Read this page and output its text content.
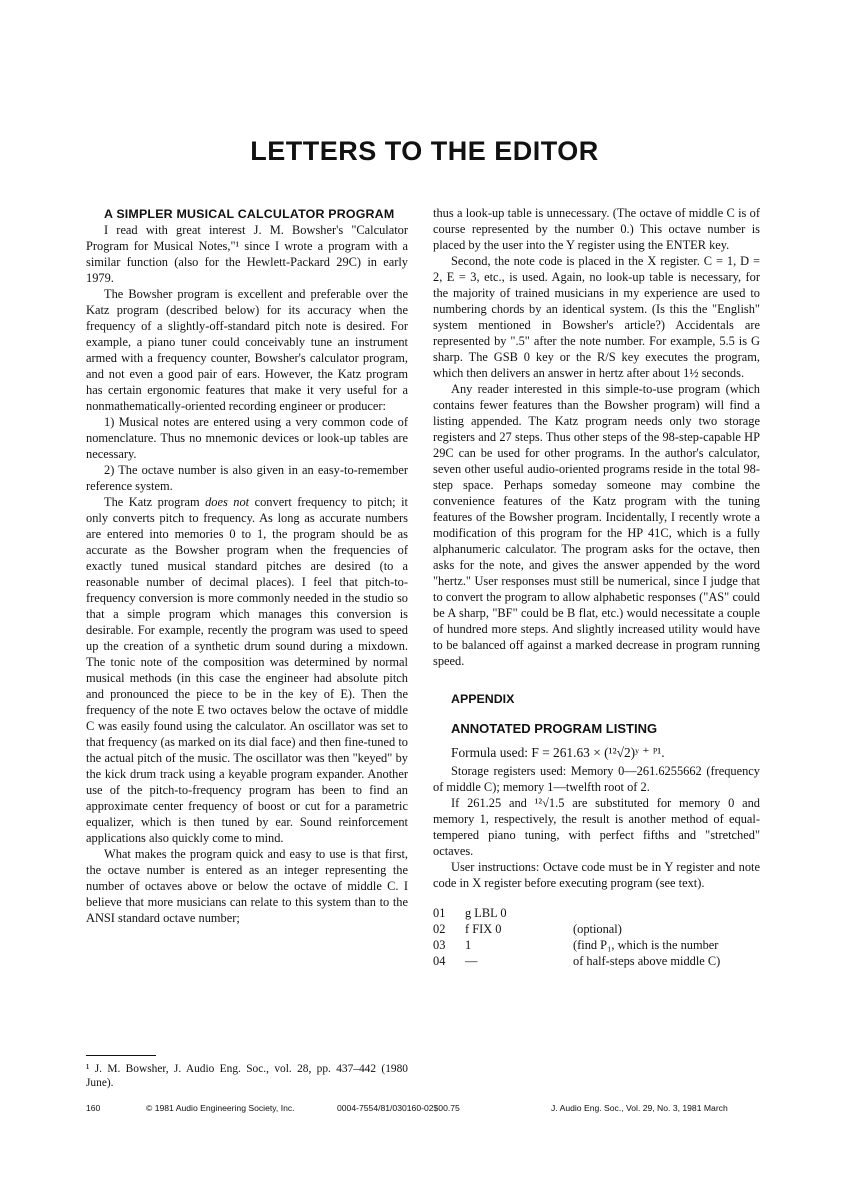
LETTERS TO THE EDITOR

A SIMPLER MUSICAL CALCULATOR PROGRAM

I read with great interest J. M. Bowsher's "Calculator Program for Musical Notes,"¹ since I wrote a program with a similar function (also for the Hewlett-Packard 29C) in early 1979.

The Bowsher program is excellent and preferable over the Katz program (described below) for its accuracy when the frequency of a slightly-off-standard pitch note is desired. For example, a piano tuner could conceivably tune an instrument armed with a frequency counter, Bowsher's calculator program, and not even a good pair of ears. However, the Katz program has certain ergonomic features that make it very useful for a nonmathematically-oriented recording engineer or producer:

1) Musical notes are entered using a very common code of nomenclature. Thus no mnemonic devices or look-up tables are necessary.

2) The octave number is also given in an easy-to-remember reference system.

The Katz program does not convert frequency to pitch; it only converts pitch to frequency. As long as accurate numbers are entered into memories 0 to 1, the program should be as accurate as the Bowsher program when the frequencies of exactly tuned musical standard pitches are desired (to a reasonable number of decimal places). I feel that pitch-to-frequency conversion is more commonly needed in the studio so that a simple program which manages this conversion is desirable. For example, recently the program was used to speed up the creation of a synthetic drum sound during a mixdown. The tonic note of the composition was determined by normal musical methods (in this case the engineer had absolute pitch and pronounced the piece to be in the key of E). Then the frequency of the note E two octaves below the octave of middle C was easily found using the calculator. An oscillator was set to that frequency (as marked on its dial face) and then fine-tuned to the actual pitch of the music. The oscillator was then "keyed" by the kick drum track using a keyable program expander. Another use of the pitch-to-frequency program has been to find an approximate center frequency of boost or cut for a parametric equalizer, which is then tuned by ear. Sound reinforcement applications also quickly come to mind.

What makes the program quick and easy to use is that first, the octave number is entered as an integer representing the number of octaves above or below the octave of middle C. I believe that more musicians can relate to this system than to the ANSI standard octave number;

thus a look-up table is unnecessary. (The octave of middle C is of course represented by the number 0.) This octave number is placed by the user into the Y register using the ENTER key.

Second, the note code is placed in the X register. C = 1, D = 2, E = 3, etc., is used. Again, no look-up table is necessary, for the majority of trained musicians in my experience are used to numbering chords by an identical system. (Is this the "English" system mentioned in Bowsher's article?) Accidentals are represented by ".5" after the note number. For example, 5.5 is G sharp. The GSB 0 key or the R/S key executes the program, which then delivers an answer in hertz after about 1½ seconds.

Any reader interested in this simple-to-use program (which contains fewer features than the Bowsher program) will find a listing appended. The Katz program needs only two storage registers and 27 steps. Thus other steps of the 98-step-capable HP 29C can be used for other programs. In the author's calculator, seven other useful audio-oriented programs reside in the total 98-step space. Perhaps someday someone may combine the convenience features of the Katz program with the tuning features of the Bowsher program. Incidentally, I recently wrote a modification of this program for the HP 41C, which is a fully alphanumeric calculator. The program asks for the octave, then asks for the note, and gives the answer appended by the word "hertz." User responses must still be numerical, since I judge that to convert the program to allow alphabetic responses ("AS" could be A sharp, "BF" could be B flat, etc.) would necessitate a couple of hundred more steps. And slightly increased utility would have to be balanced off against a marked decrease in program running speed.

APPENDIX

ANNOTATED PROGRAM LISTING

Formula used: F = 261.63 × (¹²√2)ʸ ⁺ ᴾ¹.

Storage registers used: Memory 0—261.6255662 (frequency of middle C); memory 1—twelfth root of 2.

If 261.25 and ¹²√1.5 are substituted for memory 0 and memory 1, respectively, the result is another method of equal-tempered piano tuning, with perfect fifths and "stretched" octaves.

User instructions: Octave code must be in Y register and note code in X register before executing program (see text).

01	g LBL 0
02	f FIX 0	(optional)
03	1	(find P₁, which is the number
04	—	of half-steps above middle C)
¹ J. M. Bowsher, J. Audio Eng. Soc., vol. 28, pp. 437–442 (1980 June).
160	© 1981 Audio Engineering Society, Inc.	0004-7554/81/030160-02$00.75	J. Audio Eng. Soc., Vol. 29, No. 3, 1981 March
